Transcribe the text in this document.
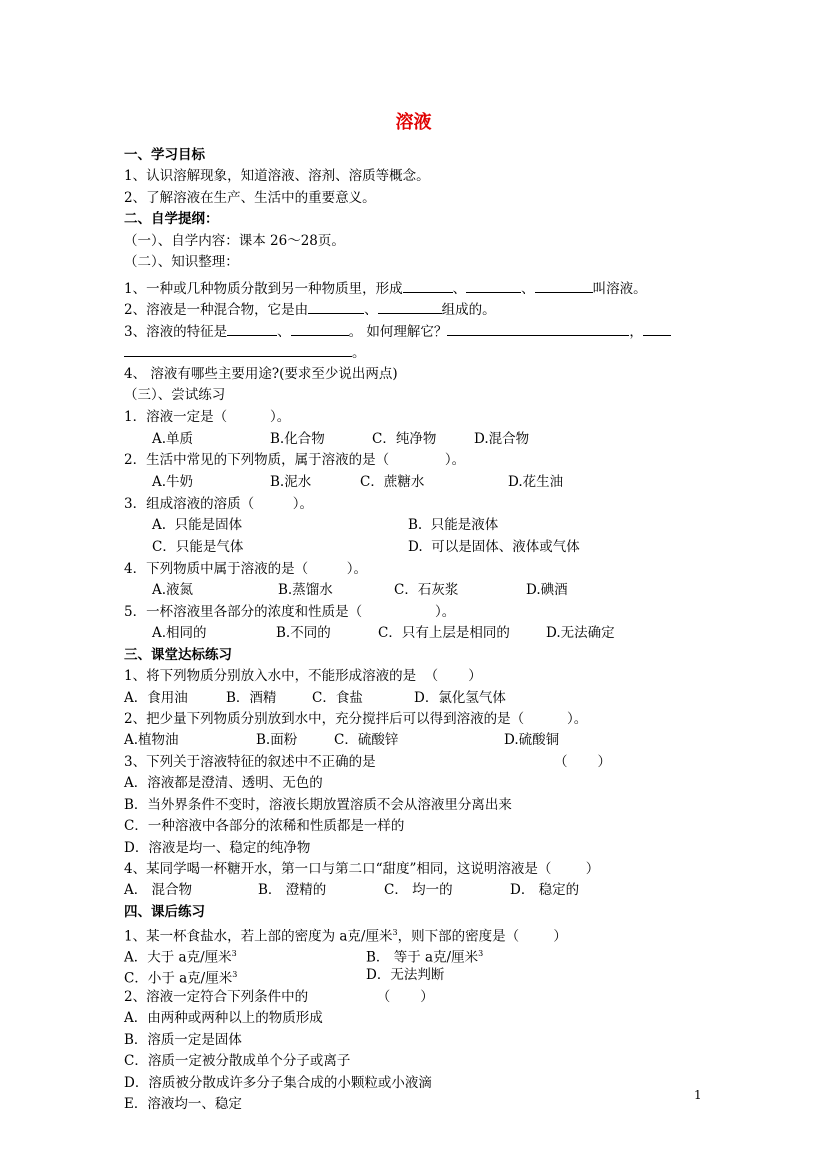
溶液
一、学习目标
1、认识溶解现象，知道溶液、溶剂、溶质等概念。
2、了解溶液在生产、生活中的重要意义。
二、自学提纲：
（一）、自学内容：课本 26～28页。
（二）、知识整理：
1、一种或几种物质分散到另一种物质里，形成	、	、	叫溶液。
2、溶液是一种混合物，它是由	、	组成的。
3、溶液的特征是	、	。 如何理解它？	，
。
4、 溶液有哪些主要用途?(要求至少说出两点)
（三）、尝试练习
1．溶液一定是（          ）。
A.单质	B.化合物	C．纯净物	D.混合物
2．生活中常见的下列物质，属于溶液的是（             ）。
A.牛奶	B.泥水	C．蔗糖水	D.花生油
3．组成溶液的溶质（         ）。
A.  只能是固体	B.  只能是液体
C．只能是气体	D.  可以是固体、液体或气体
4．下列物质中属于溶液的是（         ）。
A.液氮	B.蒸馏水	C．石灰浆	D.碘酒
5．一杯溶液里各部分的浓度和性质是（                 ）。
A.相同的	B.不同的	C．只有上层是相同的	D.无法确定
三、课堂达标练习
1、将下列物质分别放入水中，不能形成溶液的是  （       ）
A．食用油	B．酒精	C．食盐	D．氯化氢气体
2、把少量下列物质分别放到水中，充分搅拌后可以得到溶液的是（          ）。
A.植物油	B.面粉	C．硫酸锌	D.硫酸铜
3、下列关于溶液特征的叙述中不正确的是	（       ）
A．溶液都是澄清、透明、无色的
B．当外界条件不变时，溶液长期放置溶质不会从溶液里分离出来
C．一种溶液中各部分的浓稀和性质都是一样的
D．溶液是均一、稳定的纯净物
4、某同学喝一杯糖开水，第一口与第二口“甜度”相同，这说明溶液是（        ）
A． 混合物	B． 澄精的	C． 均一的	D． 稳定的
四、课后练习
1、某一杯食盐水，若上部的密度为 a克/厘米$^3$，则下部的密度是（        ）
A．大于 a克/厘米$^3$	B． 等于 a克/厘米$^3$
C．小于 a克/厘米$^3$	D．无法判断
2、溶液一定符合下列条件中的                （       ）
A．由两种或两种以上的物质形成
B．溶质一定是固体
C．溶质一定被分散成单个分子或离子
D．溶质被分散成许多分子集合成的小颗粒或小液滴
E．溶液均一、稳定
1
